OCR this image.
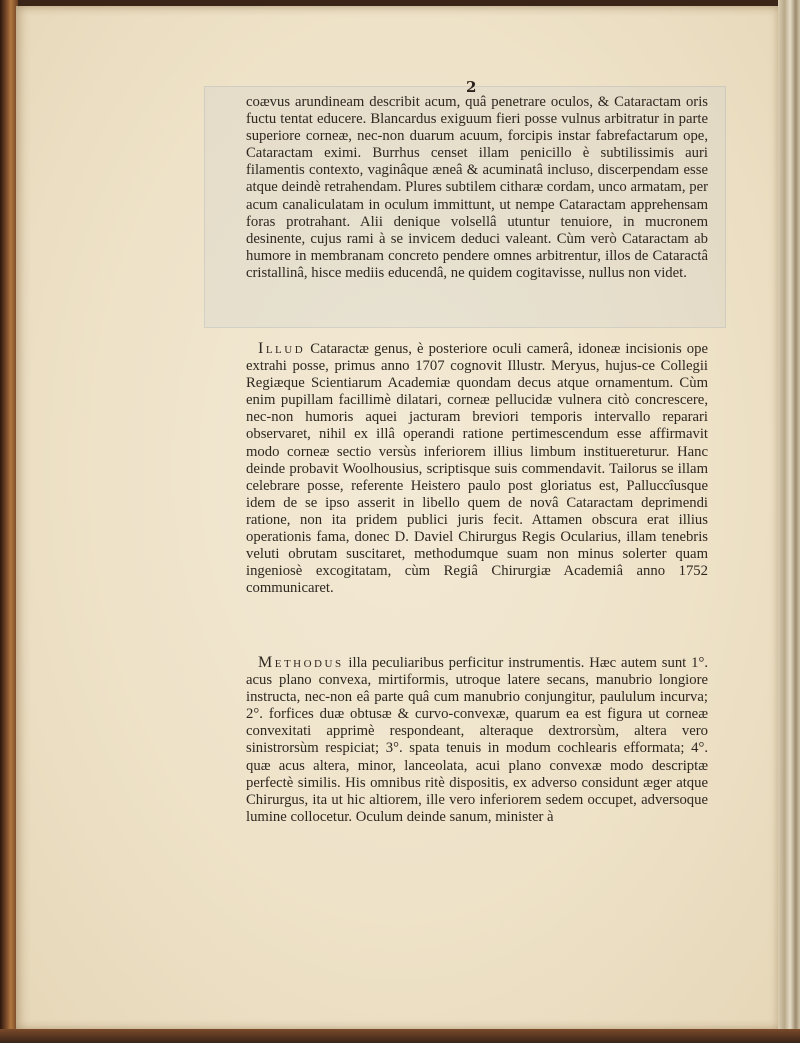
2
coævus arundineam describit acum, quâ penetrare oculos, & Cataractam oris fuctu tentat educere. Blancardus exiguum fieri posse vulnus arbitratur in parte superiore corneæ, nec-non duarum acuum, forcipis instar fabrefactarum ope, Cataractam eximi. Burrhus censet illam penicillo è subtilissimis auri filamentis contexto, vaginâque æneâ & acuminatâ incluso, discerpendam esse atque deindè retrahendam. Plures subtilem citharæ cordam, unco armatam, per acum canaliculatam in oculum immittunt, ut nempe Cataractam apprehensam foras protrahant. Alii denique volsellâ utuntur tenuiore, in mucronem desinente, cujus rami à se invicem deduci valeant. Cùm verò Cataractam ab humore in membranam concreto pendere omnes arbitrentur, illos de Cataractâ cristallinâ, hisce mediis educendâ, ne quidem cogitavisse, nullus non videt.
Illud Cataractæ genus, è posteriore oculi camerâ, idoneæ incisionis ope extrahi posse, primus anno 1707 cognovit Illustr. Meryus, hujus-ce Collegii Regiæque Scientiarum Academiæ quondam decus atque ornamentum. Cùm enim pupillam facillimè dilatari, corneæ pellucidæ vulnera citò concrescere, nec-non humoris aquei jacturam breviori temporis intervallo reparari observaret, nihil ex illâ operandi ratione pertimescendum esse affirmavit modo corneæ sectio versùs inferiorem illius limbum instituereturur. Hanc deinde probavit Woolhousius, scriptisque suis commendavit. Tailorus se illam celebrare posse, referente Heistero paulo post gloriatus est, Palluccîusque idem de se ipso asserit in libello quem de novâ Cataractam deprimendi ratione, non ita pridem publici juris fecit. Attamen obscura erat illius operationis fama, donec D. Daviel Chirurgus Regis Ocularius, illam tenebris veluti obrutam suscitaret, methodumque suam non minus solerter quam ingeniosè excogitatam, cùm Regiâ Chirurgiæ Academiâ anno 1752 communicaret.
Methodus illa peculiaribus perficitur instrumentis. Hæc autem sunt 1°. acus plano convexa, mirtiformis, utroque latere secans, manubrio longiore instructa, nec-non eâ parte quâ cum manubrio conjungitur, paululum incurva; 2°. forfices duæ obtusæ & curvo-convexæ, quarum ea est figura ut corneæ convexitati apprimè respondeant, alteraque dextrorsùm, altera vero sinistrorsùm respiciat; 3°. spata tenuis in modum cochlearis efformata; 4°. quæ acus altera, minor, lanceolata, acui plano convexæ modo descriptæ perfectè similis. His omnibus ritè dispositis, ex adverso considunt æger atque Chirurgus, ita ut hic altiorem, ille vero inferiorem sedem occupet, adversoque lumine collocetur. Oculum deinde sanum, minister à
